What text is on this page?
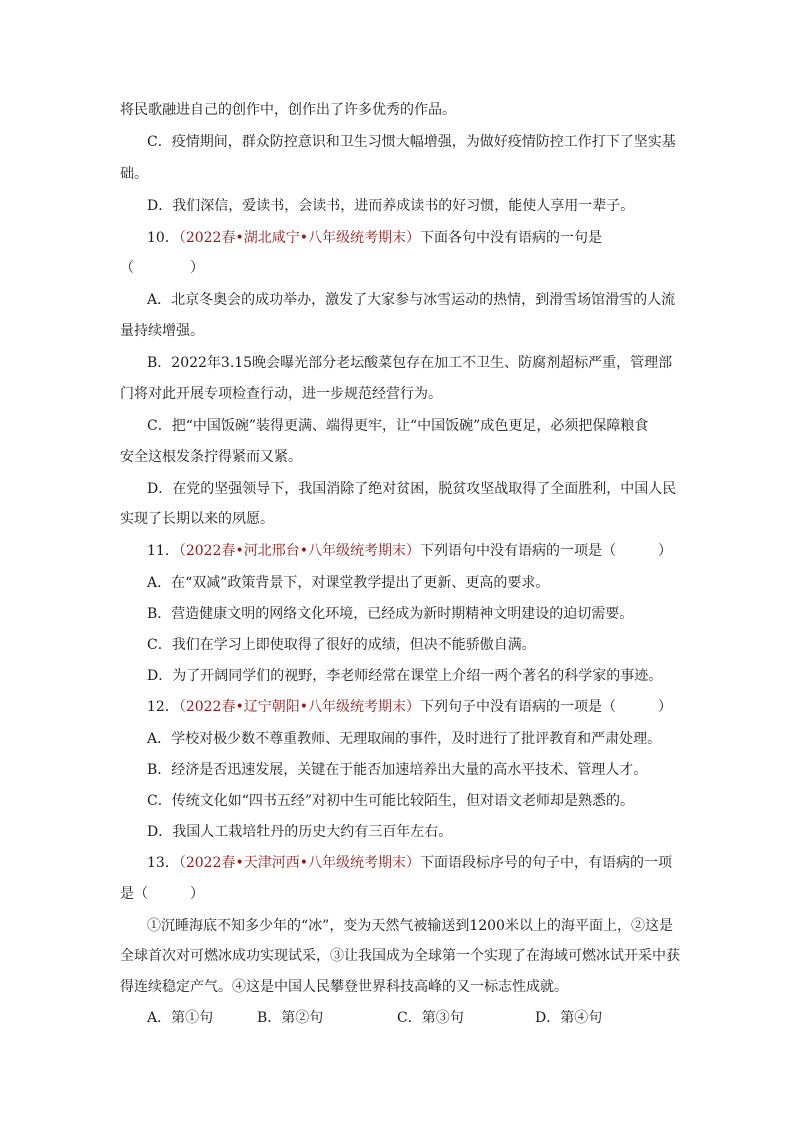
将民歌融进自己的创作中，创作出了许多优秀的作品。
C．疫情期间，群众防控意识和卫生习惯大幅增强，为做好疫情防控工作打下了坚实基
础。
D．我们深信，爱读书，会读书，进而养成读书的好习惯，能使人享用一辈子。
10．（2022春•湖北咸宁•八年级统考期末）下面各句中没有语病的一句是
（　　　　）
A．北京冬奥会的成功举办，激发了大家参与冰雪运动的热情，到滑雪场馆滑雪的人流
量持续增强。
B．2022年3.15晚会曝光部分老坛酸菜包存在加工不卫生、防腐剂超标严重，管理部
门将对此开展专项检查行动，进一步规范经营行为。
C．把“中国饭碗”装得更满、端得更牢，让“中国饭碗”成色更足，必须把保障粮食
安全这根发条拧得紧而又紧。
D．在党的坚强领导下，我国消除了绝对贫困，脱贫攻坚战取得了全面胜利，中国人民
实现了长期以来的夙愿。
11．（2022春•河北邢台•八年级统考期末）下列语句中没有语病的一项是（　　　）
A．在“双减”政策背景下，对课堂教学提出了更新、更高的要求。
B．营造健康文明的网络文化环境，已经成为新时期精神文明建设的迫切需要。
C．我们在学习上即使取得了很好的成绩，但决不能骄傲自满。
D．为了开阔同学们的视野，李老师经常在课堂上介绍一两个著名的科学家的事迹。
12．（2022春•辽宁朝阳•八年级统考期末）下列句子中没有语病的一项是（　　　）
A．学校对极少数不尊重教师、无理取闹的事件，及时进行了批评教育和严肃处理。
B．经济是否迅速发展，关键在于能否加速培养出大量的高水平技术、管理人才。
C．传统文化如“四书五经”对初中生可能比较陌生，但对语文老师却是熟悉的。
D．我国人工栽培牡丹的历史大约有三百年左右。
13．（2022春•天津河西•八年级统考期末）下面语段标序号的句子中，有语病的一项
是（　　　）
①沉睡海底不知多少年的“冰”，变为天然气被输送到1200米以上的海平面上，②这是
全球首次对可燃冰成功实现试采，③让我国成为全球第一个实现了在海域可燃冰试开采中获
得连续稳定产气。④这是中国人民攀登世界科技高峰的又一标志性成就。
A．第①句	B．第②句	C．第③句	D．第④句
